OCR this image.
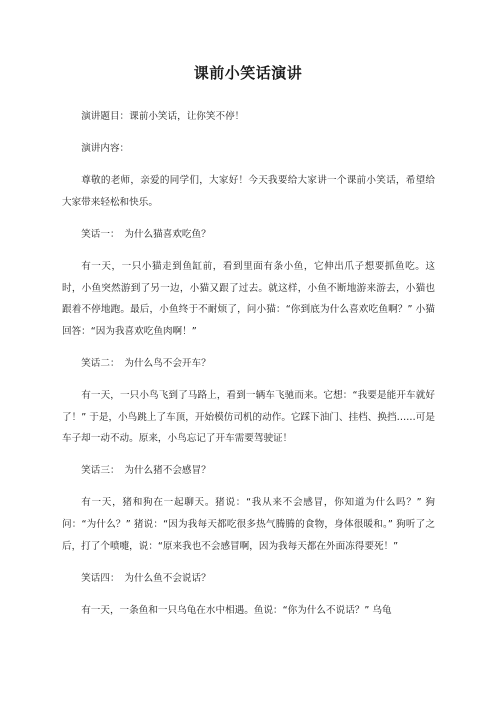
课前小笑话演讲

演讲题目：课前小笑话，让你笑不停！

演讲内容：

尊敬的老师，亲爱的同学们，大家好！今天我要给大家讲一个课前小笑话，希望给大家带来轻松和快乐。

笑话一：　为什么猫喜欢吃鱼？

有一天，一只小猫走到鱼缸前，看到里面有条小鱼，它伸出爪子想要抓鱼吃。这时，小鱼突然游到了另一边，小猫又跟了过去。就这样，小鱼不断地游来游去，小猫也跟着不停地跑。最后，小鱼终于不耐烦了，问小猫：“你到底为什么喜欢吃鱼啊？” 小猫回答：“因为我喜欢吃鱼肉啊！”

笑话二：　为什么鸟不会开车？

有一天，一只小鸟飞到了马路上，看到一辆车飞驰而来。它想：“我要是能开车就好了！” 于是，小鸟跳上了车顶，开始模仿司机的动作。它踩下油门、挂档、换挡……可是车子却一动不动。原来，小鸟忘记了开车需要驾驶证！

笑话三：　为什么猪不会感冒？

有一天，猪和狗在一起聊天。猪说：“我从来不会感冒，你知道为什么吗？” 狗问：“为什么？” 猪说：“因为我每天都吃很多热气腾腾的食物，身体很暖和。” 狗听了之后，打了个喷嚏，说：“原来我也不会感冒啊，因为我每天都在外面冻得要死！”

笑话四：　为什么鱼不会说话？

有一天，一条鱼和一只乌龟在水中相遇。鱼说：“你为什么不说话？” 乌龟
